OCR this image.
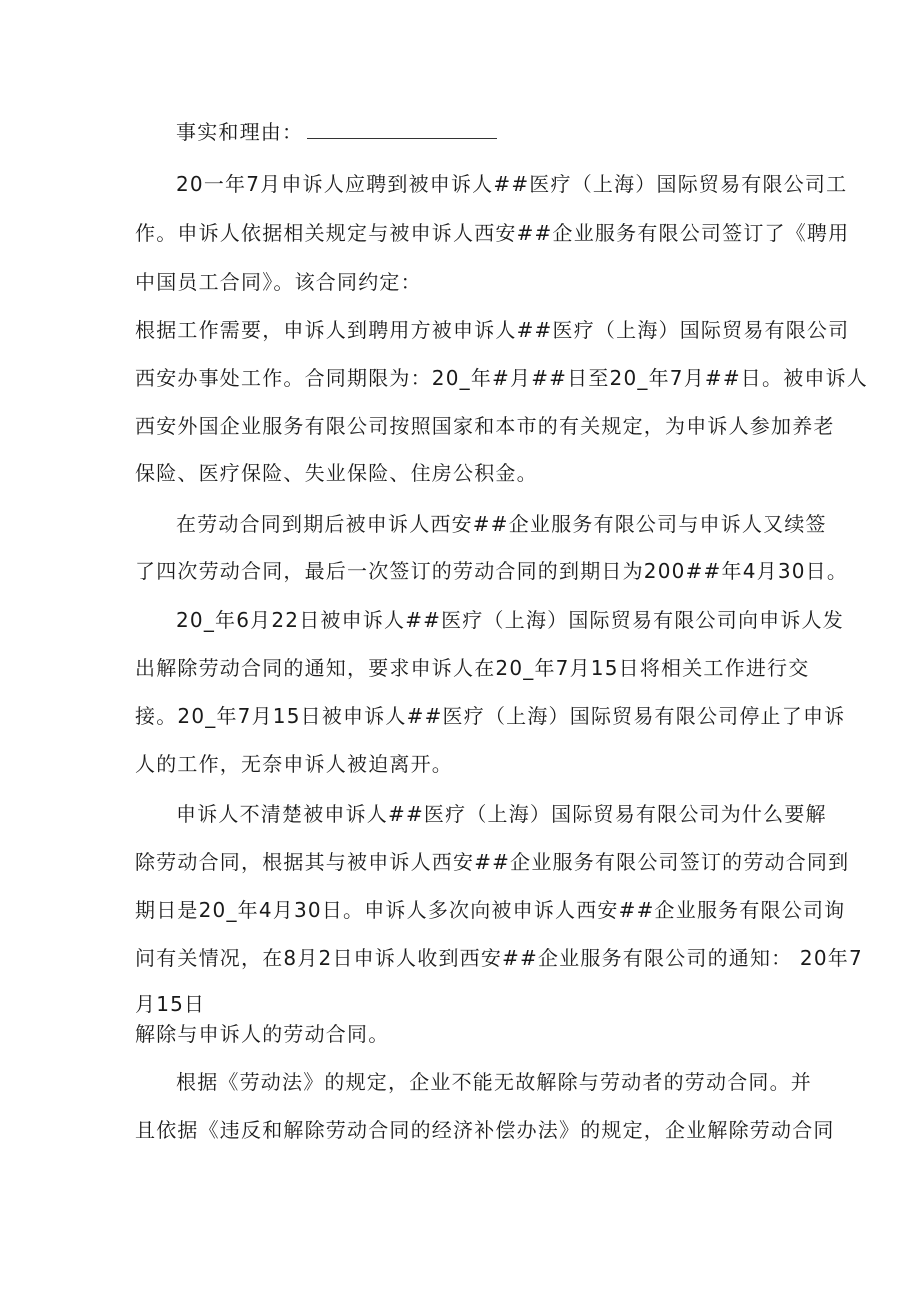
事实和理由：
20一年7月申诉人应聘到被申诉人##医疗（上海）国际贸易有限公司工
作。申诉人依据相关规定与被申诉人西安##企业服务有限公司签订了《聘用
中国员工合同》。该合同约定：
根据工作需要，申诉人到聘用方被申诉人##医疗（上海）国际贸易有限公司
西安办事处工作。合同期限为：20_年#月##日至20_年7月##日。被申诉人
西安外国企业服务有限公司按照国家和本市的有关规定，为申诉人参加养老
保险、医疗保险、失业保险、住房公积金。
在劳动合同到期后被申诉人西安##企业服务有限公司与申诉人又续签
了四次劳动合同，最后一次签订的劳动合同的到期日为200##年4月30日。
20_年6月22日被申诉人##医疗（上海）国际贸易有限公司向申诉人发
出解除劳动合同的通知，要求申诉人在20_年7月15日将相关工作进行交
接。20_年7月15日被申诉人##医疗（上海）国际贸易有限公司停止了申诉
人的工作，无奈申诉人被迫离开。
申诉人不清楚被申诉人##医疗（上海）国际贸易有限公司为什么要解
除劳动合同，根据其与被申诉人西安##企业服务有限公司签订的劳动合同到
期日是20_年4月30日。申诉人多次向被申诉人西安##企业服务有限公司询
问有关情况，在8月2日申诉人收到西安##企业服务有限公司的通知： 20年7
月15日
解除与申诉人的劳动合同。
根据《劳动法》的规定，企业不能无故解除与劳动者的劳动合同。并
且依据《违反和解除劳动合同的经济补偿办法》的规定，企业解除劳动合同
